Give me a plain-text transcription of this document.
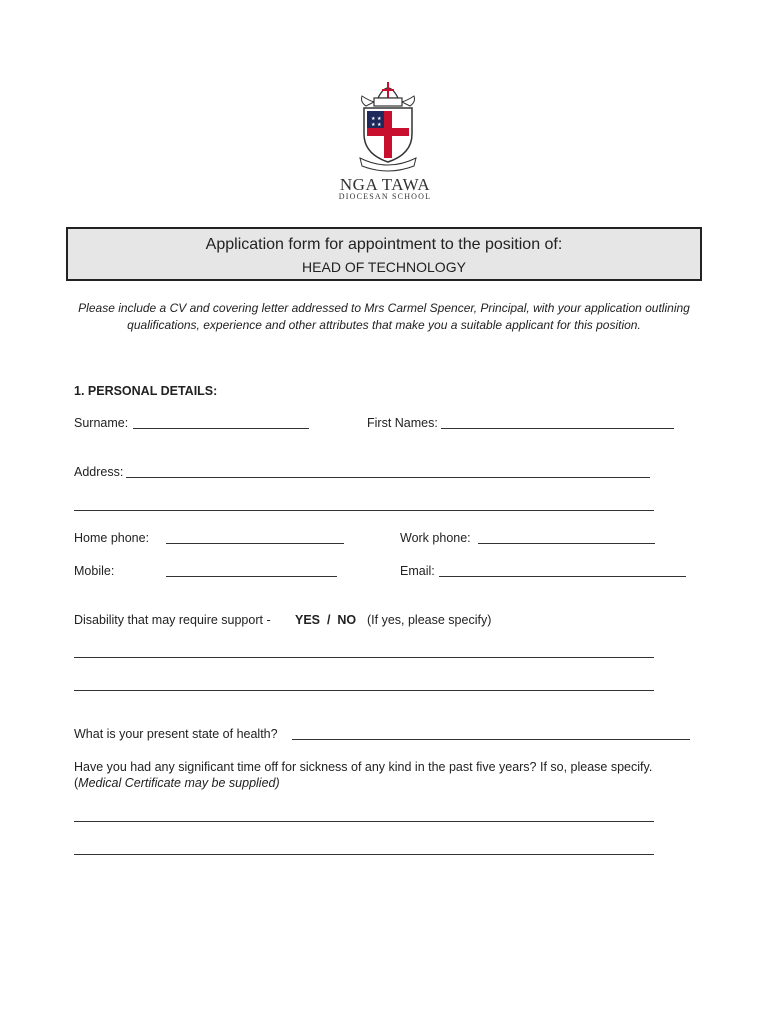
★ ★
★ ★
NGA TAWA
DIOCESAN SCHOOL
Application form for appointment to the position of:
HEAD OF TECHNOLOGY
Please include a CV and covering letter addressed to Mrs Carmel Spencer, Principal, with your application outlining qualifications, experience and other attributes that make you a suitable applicant for this position.
1. PERSONAL DETAILS:
Surname:	First Names:
Address:
Home phone:	Work phone:
Mobile:	Email:
Disability that may require support - YES  /  NO (If yes, please specify)
What is your present state of health?
Have you had any significant time off for sickness of any kind in the past five years? If so, please specify.
(Medical Certificate may be supplied)
